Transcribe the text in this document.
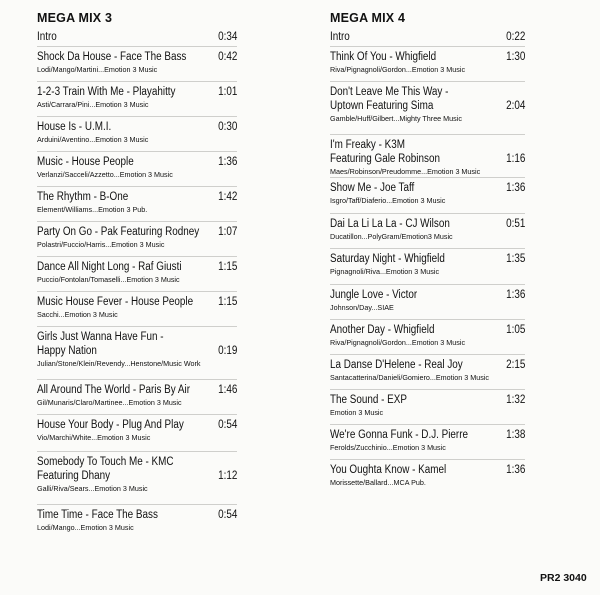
MEGA MIX 3
Intro	0:34
Shock Da House - Face The Bass	0:42
Lodi/Mango/Martini...Emotion 3 Music
1-2-3 Train With Me - Playahitty	1:01
Asti/Carrara/Pini...Emotion 3 Music
House Is - U.M.I.	0:30
Arduini/Aventino...Emotion 3 Music
Music - House People	1:36
Verlanzi/Sacceli/Azzetto...Emotion 3 Music
The Rhythm - B-One	1:42
Element/Williams...Emotion 3 Pub.
Party On Go - Pak Featuring Rodney 1:07
Polastri/Fuccio/Harris...Emotion 3 Music
Dance All Night Long - Raf Giusti	1:15
Puccio/Fontolan/Tomaselli...Emotion 3 Music
Music House Fever - House People 1:15
Sacchi...Emotion 3 Music
Girls Just Wanna Have Fun -
Happy Nation	0:19
Julian/Stone/Klein/Revendy...Henstone/Music Work
All Around The World - Paris By Air 1:46
Gil/Munaris/Claro/Martinee...Emotion 3 Music
House Your Body - Plug And Play	0:54
Vio/Marchi/White...Emotion 3 Music
Somebody To Touch Me - KMC
Featuring Dhany	1:12
Galli/Riva/Sears...Emotion 3 Music
Time Time - Face The Bass	0:54
Lodi/Mango...Emotion 3 Music
MEGA MIX 4
Intro	0:22
Think Of You - Whigfield	1:30
Riva/Pignagnoli/Gordon...Emotion 3 Music
Don't Leave Me This Way -
Uptown Featuring Sima	2:04
Gamble/Huff/Gilbert...Mighty Three Music
I'm Freaky - K3M
Featuring Gale Robinson	1:16
Maes/Robinson/Preudomme...Emotion 3 Music
Show Me - Joe Taff	1:36
Isgro/Taff/Diaferio...Emotion 3 Music
Dai La Li La La - CJ Wilson	0:51
Ducatillon...PolyGram/Emotion3 Music
Saturday Night - Whigfield	1:35
Pignagnoli/Riva...Emotion 3 Music
Jungle Love - Victor	1:36
Johnson/Day...SIAE
Another Day - Whigfield	1:05
Riva/Pignagnoli/Gordon...Emotion 3 Music
La Danse D'Helene - Real Joy	2:15
Santacatterina/Danieli/Gomiero...Emotion 3 Music
The Sound - EXP	1:32
Emotion 3 Music
We're Gonna Funk - D.J. Pierre	1:38
Ferolds/Zucchinio...Emotion 3 Music
You Oughta Know - Kamel	1:36
Morissette/Ballard...MCA Pub.
PR2 3040
